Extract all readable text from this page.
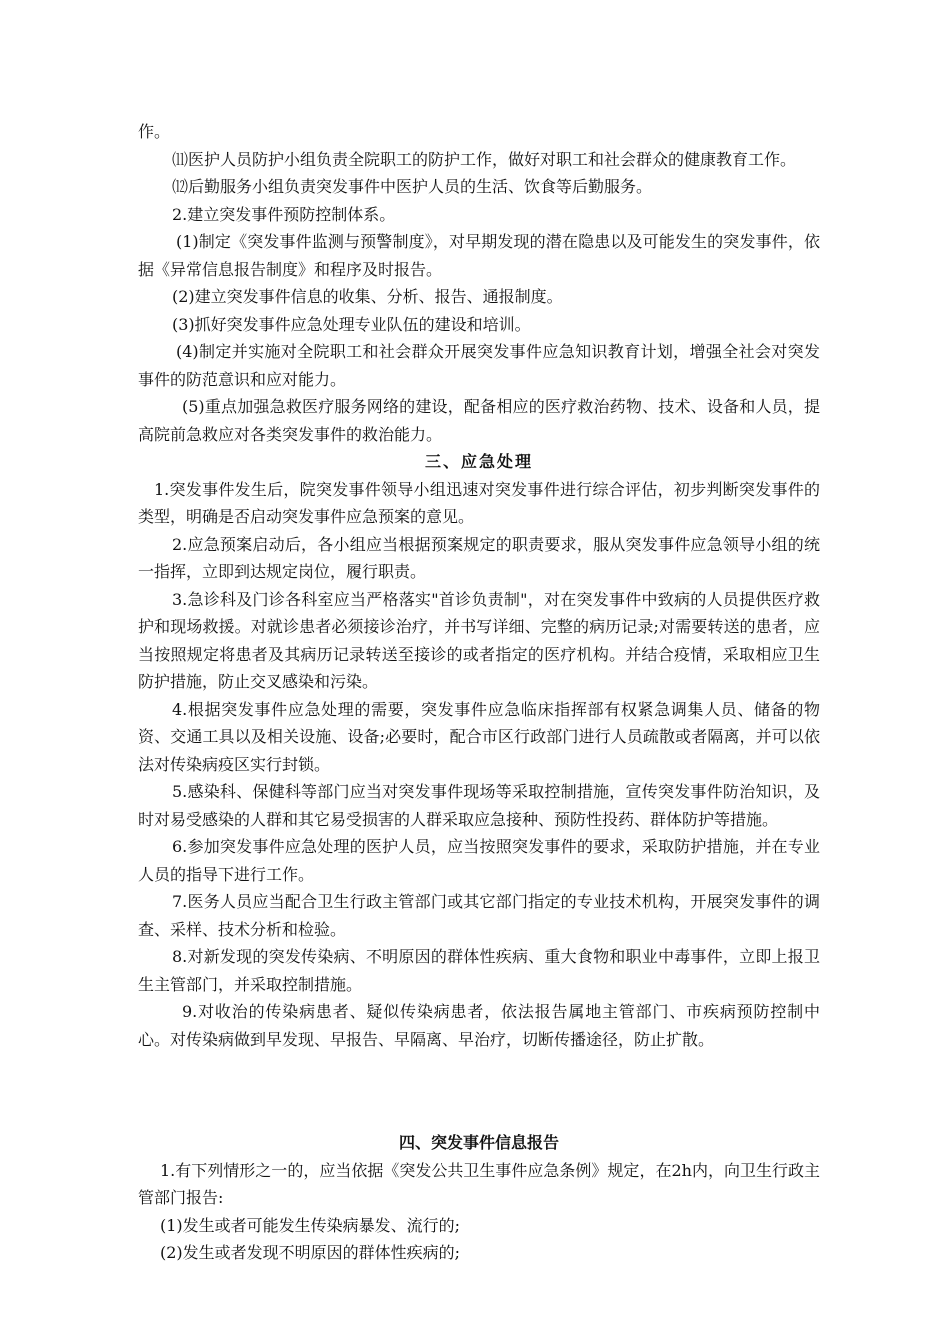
作。

⑾医护人员防护小组负责全院职工的防护工作，做好对职工和社会群众的健康教育工作。

⑿后勤服务小组负责突发事件中医护人员的生活、饮食等后勤服务。

2.建立突发事件预防控制体系。

(1)制定《突发事件监测与预警制度》，对早期发现的潜在隐患以及可能发生的突发事件，依据《异常信息报告制度》和程序及时报告。

(2)建立突发事件信息的收集、分析、报告、通报制度。

(3)抓好突发事件应急处理专业队伍的建设和培训。

(4)制定并实施对全院职工和社会群众开展突发事件应急知识教育计划，增强全社会对突发事件的防范意识和应对能力。

(5)重点加强急救医疗服务网络的建设，配备相应的医疗救治药物、技术、设备和人员，提高院前急救应对各类突发事件的救治能力。

三、应急处理

1.突发事件发生后，院突发事件领导小组迅速对突发事件进行综合评估，初步判断突发事件的类型，明确是否启动突发事件应急预案的意见。

2.应急预案启动后，各小组应当根据预案规定的职责要求，服从突发事件应急领导小组的统一指挥，立即到达规定岗位，履行职责。

3.急诊科及门诊各科室应当严格落实"首诊负责制"，对在突发事件中致病的人员提供医疗救护和现场救援。对就诊患者必须接诊治疗，并书写详细、完整的病历记录;对需要转送的患者，应当按照规定将患者及其病历记录转送至接诊的或者指定的医疗机构。并结合疫情，采取相应卫生防护措施，防止交叉感染和污染。

4.根据突发事件应急处理的需要，突发事件应急临床指挥部有权紧急调集人员、储备的物资、交通工具以及相关设施、设备;必要时，配合市区行政部门进行人员疏散或者隔离，并可以依法对传染病疫区实行封锁。

5.感染科、保健科等部门应当对突发事件现场等采取控制措施，宣传突发事件防治知识，及时对易受感染的人群和其它易受损害的人群采取应急接种、预防性投药、群体防护等措施。

6.参加突发事件应急处理的医护人员，应当按照突发事件的要求，采取防护措施，并在专业人员的指导下进行工作。

7.医务人员应当配合卫生行政主管部门或其它部门指定的专业技术机构，开展突发事件的调查、采样、技术分析和检验。

8.对新发现的突发传染病、不明原因的群体性疾病、重大食物和职业中毒事件，立即上报卫生主管部门，并采取控制措施。

9.对收治的传染病患者、疑似传染病患者，依法报告属地主管部门、市疾病预防控制中心。对传染病做到早发现、早报告、早隔离、早治疗，切断传播途径，防止扩散。

四、突发事件信息报告

1.有下列情形之一的，应当依据《突发公共卫生事件应急条例》规定，在2h内，向卫生行政主管部门报告:

(1)发生或者可能发生传染病暴发、流行的;

(2)发生或者发现不明原因的群体性疾病的;
